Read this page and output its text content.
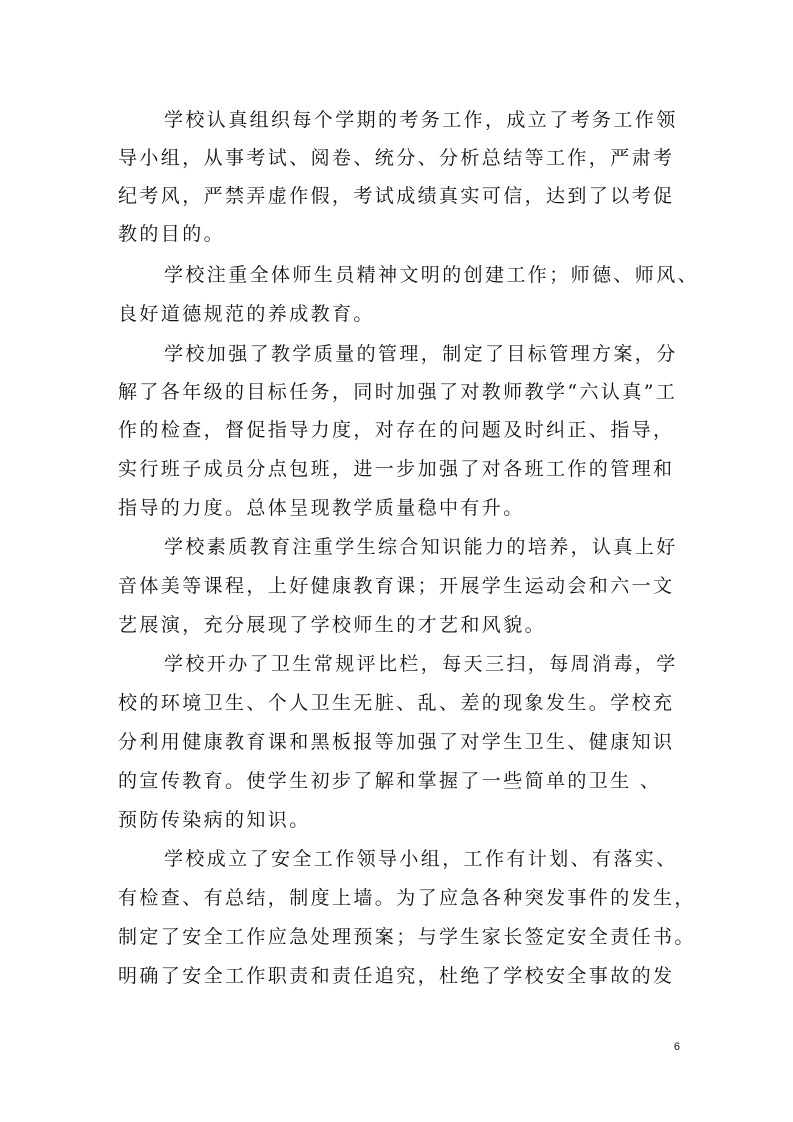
学校认真组织每个学期的考务工作，成立了考务工作领
导小组，从事考试、阅卷、统分、分析总结等工作，严肃考
纪考风，严禁弄虚作假，考试成绩真实可信，达到了以考促
教的目的。
学校注重全体师生员精神文明的创建工作；师德、师风、
良好道德规范的养成教育。
学校加强了教学质量的管理，制定了目标管理方案，分
解了各年级的目标任务，同时加强了对教师教学“六认真”工
作的检查，督促指导力度，对存在的问题及时纠正、指导，
实行班子成员分点包班，进一步加强了对各班工作的管理和
指导的力度。总体呈现教学质量稳中有升。
学校素质教育注重学生综合知识能力的培养，认真上好
音体美等课程，上好健康教育课；开展学生运动会和六一文
艺展演，充分展现了学校师生的才艺和风貌。
学校开办了卫生常规评比栏，每天三扫，每周消毒，学
校的环境卫生、个人卫生无脏、乱、差的现象发生。学校充
分利用健康教育课和黑板报等加强了对学生卫生、健康知识
的宣传教育。使学生初步了解和掌握了一些简单的卫生 、
预防传染病的知识。
学校成立了安全工作领导小组，工作有计划、有落实、
有检查、有总结，制度上墙。为了应急各种突发事件的发生，
制定了安全工作应急处理预案；与学生家长签定安全责任书。
明确了安全工作职责和责任追究，杜绝了学校安全事故的发
6
